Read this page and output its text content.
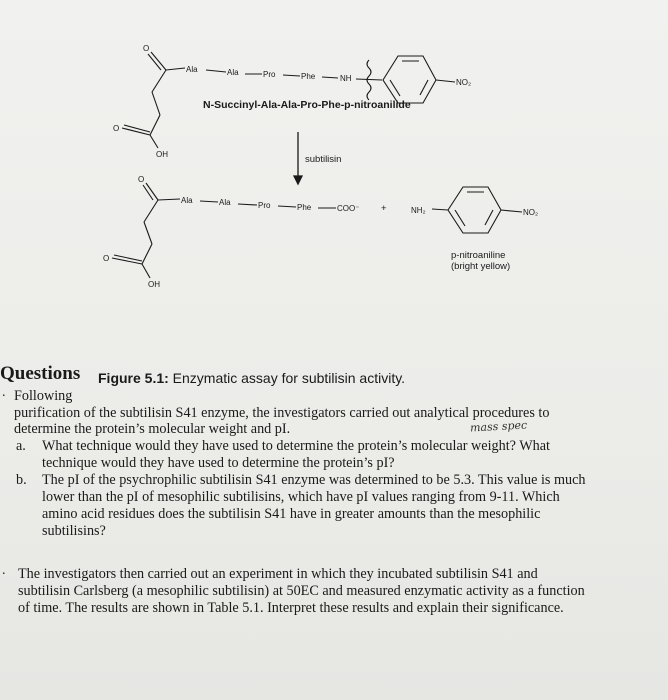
Ala	Ala	Pro	Phe	NH	NO₂
O
O
OH
N-Succinyl-Ala-Ala-Pro-Phe-p-nitroanilide
subtilisin
Ala	Ala	Pro	Phe	COO⁻ +	NH₂	NO₂
O
O
OH
p-nitroaniline
(bright yellow)
Questions Figure 5.1: Enzymatic assay for subtilisin activity.
. Following
purification of the subtilisin S41 enzyme, the investigators carried out analytical procedures to
determine the protein’s molecular weight and pI.	mass spec
a. What technique would they have used to determine the protein’s molecular weight? What
technique would they have used to determine the protein’s pI?
b. The pI of the psychrophilic subtilisin S41 enzyme was determined to be 5.3. This value is much
lower than the pI of mesophilic subtilisins, which have pI values ranging from 9-11. Which
amino acid residues does the subtilisin S41 have in greater amounts than the mesophilic
subtilisins?
. The investigators then carried out an experiment in which they incubated subtilisin S41 and
subtilisin Carlsberg (a mesophilic subtilisin) at 50EC and measured enzymatic activity as a function
of time. The results are shown in Table 5.1. Interpret these results and explain their significance.
